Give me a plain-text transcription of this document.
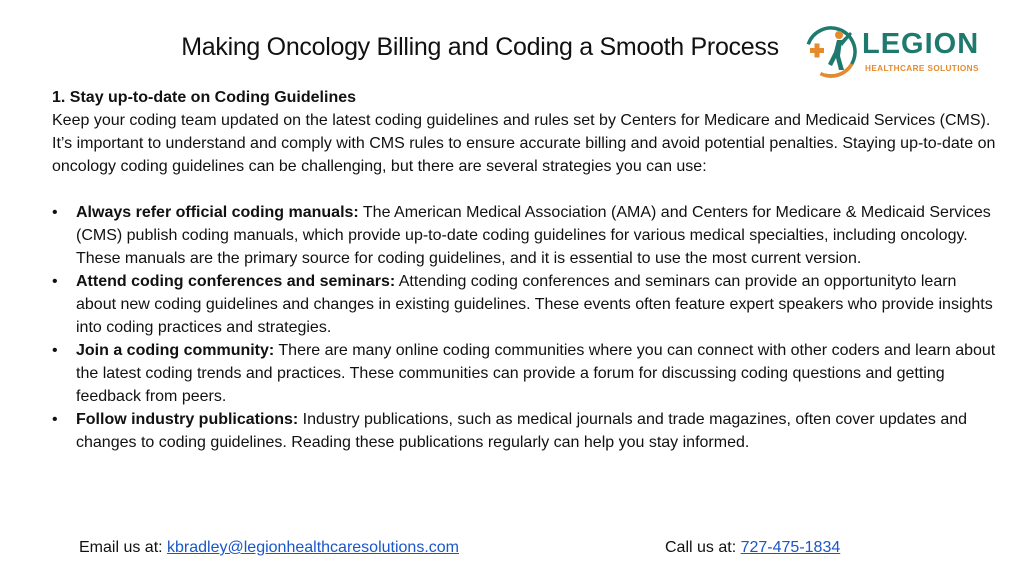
Making Oncology Billing and Coding a Smooth Process	LEGION
HEALTHCARE SOLUTIONS

1. Stay up-to-date on Coding Guidelines

Keep your coding team updated on the latest coding guidelines and rules set by Centers for Medicare and Medicaid Services (CMS). It’s important to understand and comply with CMS rules to ensure accurate billing and avoid potential penalties. Staying up-to-date on oncology coding guidelines can be challenging, but there are several strategies you can use:

• Always refer official coding manuals: The American Medical Association (AMA) and Centers for Medicare & Medicaid Services (CMS) publish coding manuals, which provide up-to-date coding guidelines for various medical specialties, including oncology. These manuals are the primary source for coding guidelines, and it is essential to use the most current version.
• Attend coding conferences and seminars: Attending coding conferences and seminars can provide an opportunityto learn about new coding guidelines and changes in existing guidelines. These events often feature expert speakers who provide insights into coding practices and strategies.
• Join a coding community: There are many online coding communities where you can connect with other coders and learn about the latest coding trends and practices. These communities can provide a forum for discussing coding questions and getting feedback from peers.
• Follow industry publications: Industry publications, such as medical journals and trade magazines, often cover updates and changes to coding guidelines. Reading these publications regularly can help you stay informed.
Email us at: kbradley@legionhealthcaresolutions.com	Call us at: 727-475-1834
